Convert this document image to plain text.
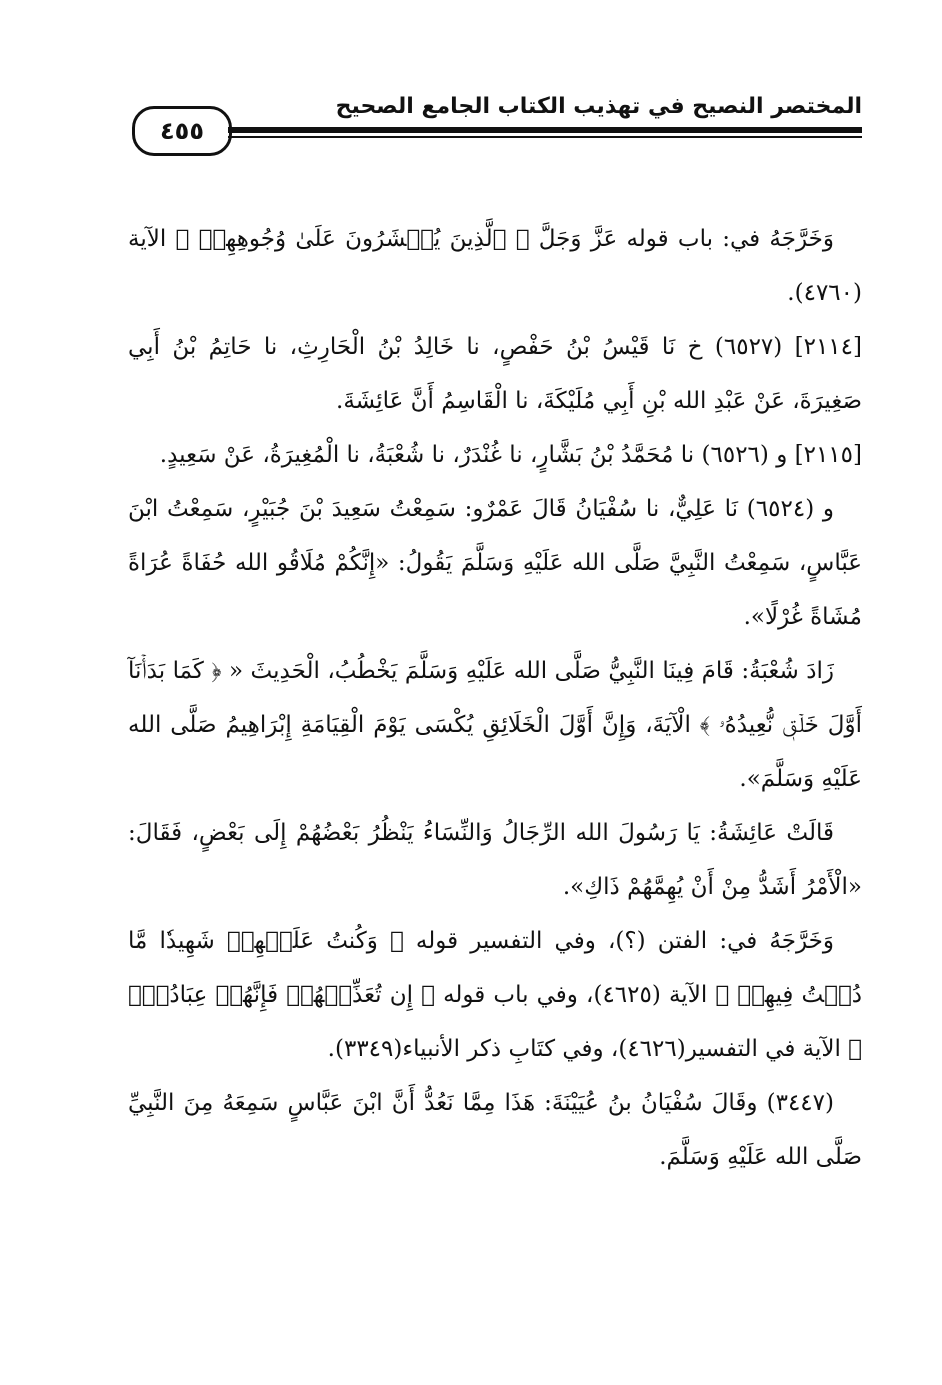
٤٥٥
المختصر النصيح في تهذيب الكتاب الجامع الصحيح

وَخَرَّجَهُ في: باب قوله عَزَّ وَجَلَّ ﴿ ٱلَّذِينَ يُحۡشَرُونَ عَلَىٰ وُجُوهِهِمۡ ﴾ الآية (٤٧٦٠).

[٢١١٤] (٦٥٢٧) خ نَا قَيْسُ بْنُ حَفْصٍ، نا خَالِدُ بْنُ الْحَارِثِ، نا حَاتِمُ بْنُ أَبِي صَغِيرَةَ، عَنْ عَبْدِ الله بْنِ أَبِي مُلَيْكَةَ، نا الْقَاسِمُ أَنَّ عَائِشَةَ.

[٢١١٥] و (٦٥٢٦) نا مُحَمَّدُ بْنُ بَشَّارٍ، نا غُنْدَرٌ، نا شُعْبَةُ، نا الْمُغِيرَةُ، عَنْ سَعِيدٍ.

و (٦٥٢٤) نَا عَلِيٌّ، نا سُفْيَانُ قَالَ عَمْرٌو: سَمِعْتُ سَعِيدَ بْنَ جُبَيْرٍ، سَمِعْتُ ابْنَ عَبَّاسٍ، سَمِعْتُ النَّبِيَّ صَلَّى الله عَلَيْهِ وَسَلَّمَ يَقُولُ: «إِنَّكُمْ مُلَاقُو الله حُفَاةً عُرَاةً مُشَاةً غُرْلًا».

زَادَ شُعْبَةُ: قَامَ فِينَا النَّبِيُّ صَلَّى الله عَلَيْهِ وَسَلَّمَ يَخْطُبُ، الْحَدِيثَ « ﴿ كَمَا بَدَأۡنَآ أَوَّلَ خَلۡقٖ نُّعِيدُهُۥ ﴾ الْآيَةَ، وَإِنَّ أَوَّلَ الْخَلَائِقِ يُكْسَى يَوْمَ الْقِيَامَةِ إِبْرَاهِيمُ صَلَّى الله عَلَيْهِ وَسَلَّمَ».

قَالَتْ عَائِشَةُ: يَا رَسُولَ الله الرِّجَالُ وَالنِّسَاءُ يَنْظُرُ بَعْضُهُمْ إِلَى بَعْضٍ، فَقَالَ: «الْأَمْرُ أَشَدُّ مِنْ أَنْ يُهِمَّهُمْ ذَاكِ».

وَخَرَّجَهُ في: الفتن (؟)، وفي التفسير قوله ﴿ وَكُنتُ عَلَيۡهِمۡ شَهِيدٗا مَّا دُمۡتُ فِيهِمۡ ﴾ الآية (٤٦٢٥)، وفي باب قوله ﴿ إِن تُعَذِّبۡهُمۡ فَإِنَّهُمۡ عِبَادُكَۖ ﴾ الآية في التفسير(٤٦٢٦)، وفي كتَابِ ذكر الأنبياء(٣٣٤٩).

(٣٤٤٧) وقَالَ سُفْيَانُ بنُ عُيَيْنَةَ: هَذَا مِمَّا نَعُدُّ أَنَّ ابْنَ عَبَّاسٍ سَمِعَهُ مِنَ النَّبِيِّ صَلَّى الله عَلَيْهِ وَسَلَّمَ.
